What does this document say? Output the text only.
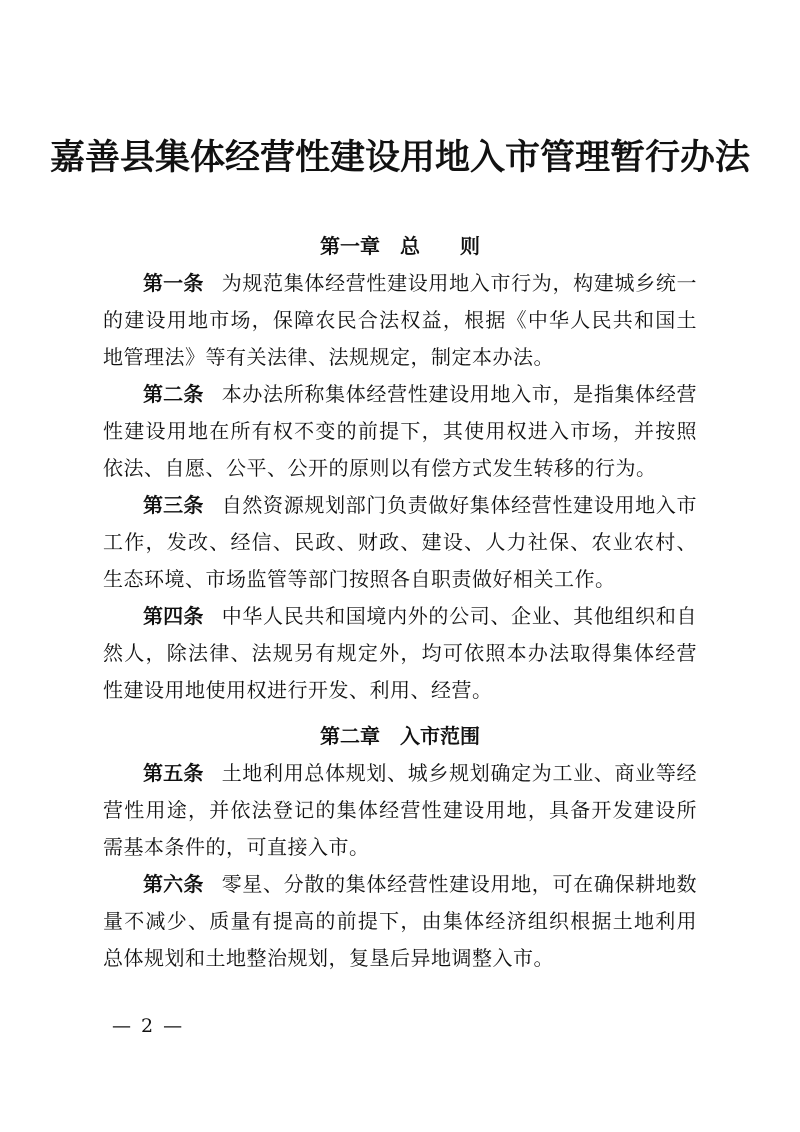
嘉善县集体经营性建设用地入市管理暂行办法
第一章　总　　则

第一条 为规范集体经营性建设用地入市行为，构建城乡统一的建设用地市场，保障农民合法权益，根据《中华人民共和国土地管理法》等有关法律、法规规定，制定本办法。

第二条 本办法所称集体经营性建设用地入市，是指集体经营性建设用地在所有权不变的前提下，其使用权进入市场，并按照依法、自愿、公平、公开的原则以有偿方式发生转移的行为。

第三条 自然资源规划部门负责做好集体经营性建设用地入市工作，发改、经信、民政、财政、建设、人力社保、农业农村、生态环境、市场监管等部门按照各自职责做好相关工作。

第四条 中华人民共和国境内外的公司、企业、其他组织和自然人，除法律、法规另有规定外，均可依照本办法取得集体经营性建设用地使用权进行开发、利用、经营。

第二章　入市范围

第五条 土地利用总体规划、城乡规划确定为工业、商业等经营性用途，并依法登记的集体经营性建设用地，具备开发建设所需基本条件的，可直接入市。

第六条 零星、分散的集体经营性建设用地，可在确保耕地数量不减少、质量有提高的前提下，由集体经济组织根据土地利用总体规划和土地整治规划，复垦后异地调整入市。

— 2 —
